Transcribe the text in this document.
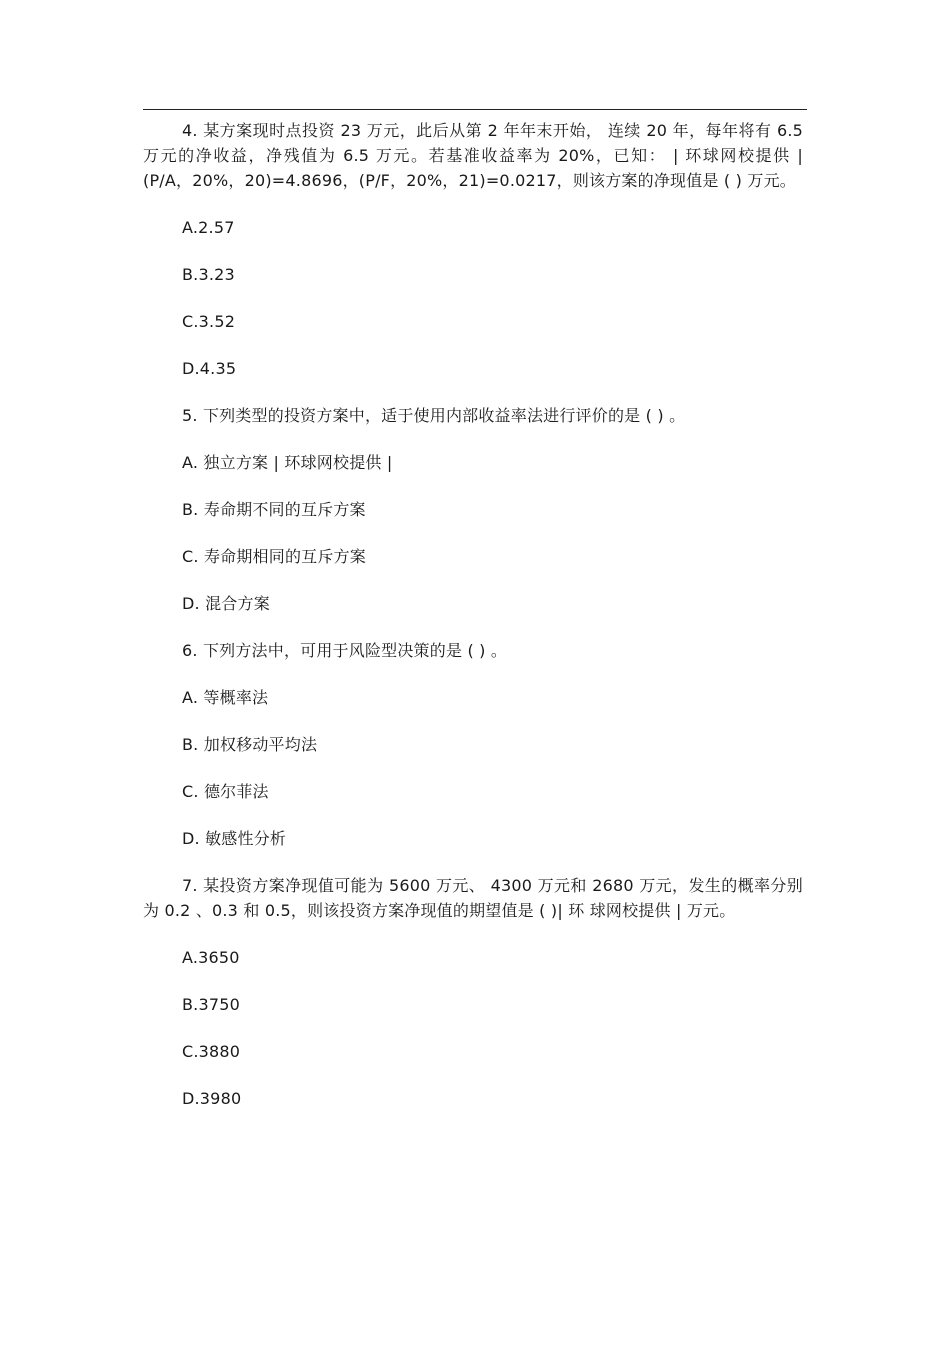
4. 某方案现时点投资 23 万元，此后从第 2 年年末开始， 连续 20 年，每年将有 6.5 万元的净收益，净残值为 6.5 万元。若基准收益率为 20%，已知： | 环球网校提供 | (P/A，20%，20)=4.8696，(P/F，20%，21)=0.0217，则该方案的净现值是 ( ) 万元。

A.2.57

B.3.23

C.3.52

D.4.35

5. 下列类型的投资方案中，适于使用内部收益率法进行评价的是 ( ) 。

A. 独立方案 | 环球网校提供 |

B. 寿命期不同的互斥方案

C. 寿命期相同的互斥方案

D. 混合方案

6. 下列方法中，可用于风险型决策的是 ( ) 。

A. 等概率法

B. 加权移动平均法

C. 德尔菲法

D. 敏感性分析

7. 某投资方案净现值可能为 5600 万元、 4300 万元和 2680 万元，发生的概率分别为 0.2 、0.3 和 0.5，则该投资方案净现值的期望值是 ( )| 环 球网校提供 | 万元。

A.3650

B.3750

C.3880

D.3980
